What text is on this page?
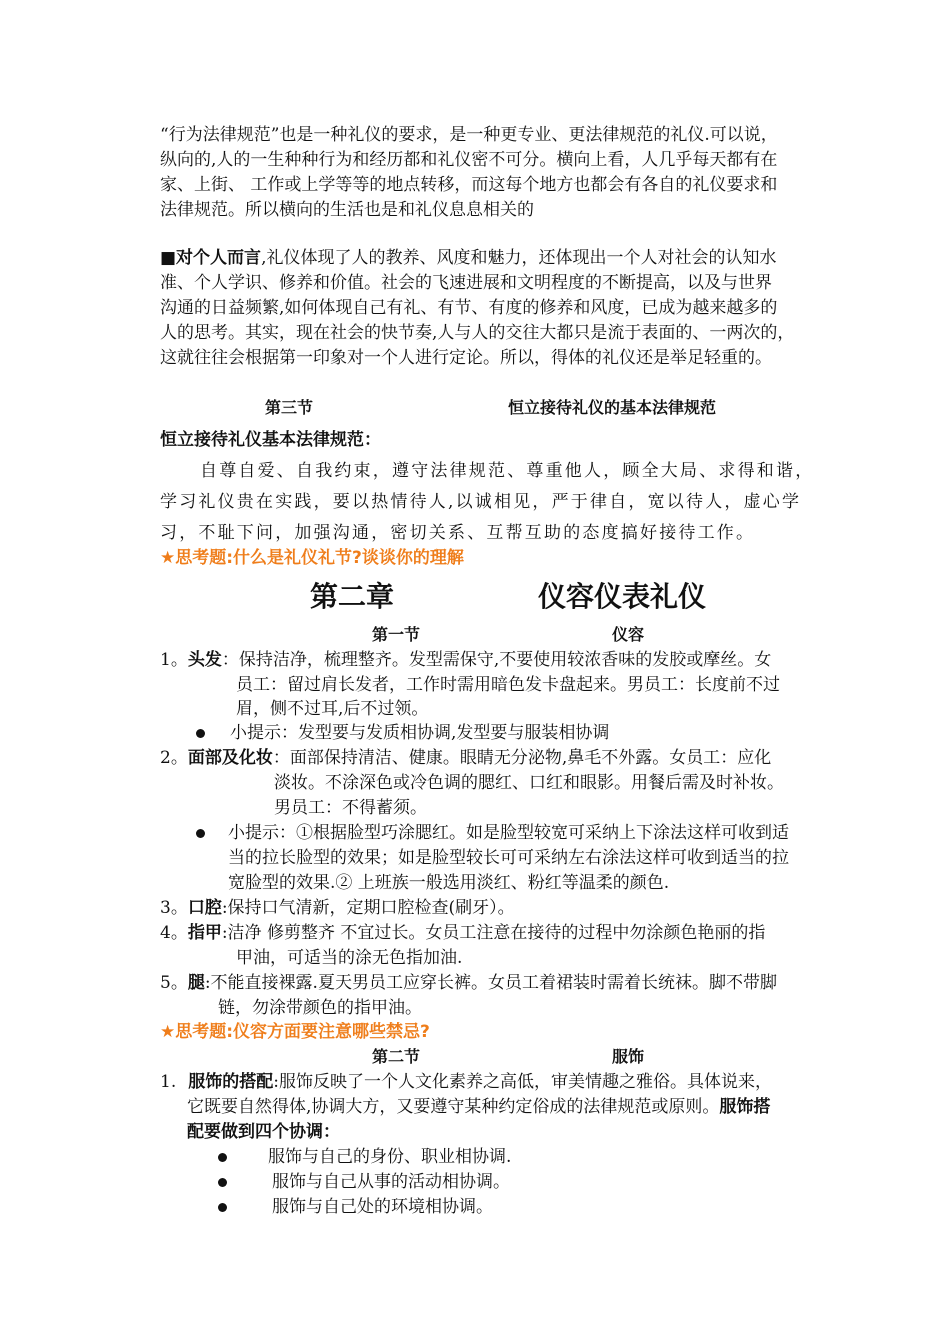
“行为法律规范”也是一种礼仪的要求，是一种更专业、更法律规范的礼仪.可以说，
纵向的,人的一生种种行为和经历都和礼仪密不可分。横向上看，人几乎每天都有在
家、上街、 工作或上学等等的地点转移，而这每个地方也都会有各自的礼仪要求和
法律规范。所以横向的生活也是和礼仪息息相关的
■对个人而言,礼仪体现了人的教养、风度和魅力，还体现出一个人对社会的认知水
准、个人学识、修养和价值。社会的飞速进展和文明程度的不断提高，以及与世界
沟通的日益频繁,如何体现自己有礼、有节、有度的修养和风度，已成为越来越多的
人的思考。其实，现在社会的快节奏,人与人的交往大都只是流于表面的、一两次的，
这就往往会根据第一印象对一个人进行定论。所以，得体的礼仪还是举足轻重的。
第三节	恒立接待礼仪的基本法律规范
恒立接待礼仪基本法律规范：
自尊自爱、自我约束，遵守法律规范、尊重他人，顾全大局、求得和谐，
学习礼仪贵在实践，要以热情待人,以诚相见，严于律自，宽以待人，虚心学
习，不耻下问，加强沟通，密切关系、互帮互助的态度搞好接待工作。
★思考题:什么是礼仪礼节?谈谈你的理解
第二章	仪容仪表礼仪
第一节	仪容
1。头发：保持洁净，梳理整齐。发型需保守,不要使用较浓香味的发胶或摩丝。女
员工：留过肩长发者，工作时需用暗色发卡盘起来。男员工：长度前不过
眉，侧不过耳,后不过领。
小提示：发型要与发质相协调,发型要与服装相协调
2。面部及化妆：面部保持清洁、健康。眼睛无分泌物,鼻毛不外露。女员工：应化
淡妆。不涂深色或冷色调的腮红、口红和眼影。用餐后需及时补妆。
男员工：不得蓄须。
小提示：①根据脸型巧涂腮红。如是脸型较宽可采纳上下涂法这样可收到适
当的拉长脸型的效果；如是脸型较长可可采纳左右涂法这样可收到适当的拉
宽脸型的效果.② 上班族一般选用淡红、粉红等温柔的颜色.
3。口腔:保持口气清新，定期口腔检查(刷牙）。
4。指甲:洁净 修剪整齐 不宜过长。女员工注意在接待的过程中勿涂颜色艳丽的指
甲油，可适当的涂无色指加油.
5。腿:不能直接裸露.夏天男员工应穿长裤。女员工着裙装时需着长统袜。脚不带脚
链，勿涂带颜色的指甲油。
★思考题:仪容方面要注意哪些禁忌?
第二节	服饰
1. 服饰的搭配:服饰反映了一个人文化素养之高低，审美情趣之雅俗。具体说来，
它既要自然得体,协调大方，又要遵守某种约定俗成的法律规范或原则。服饰搭
配要做到四个协调：
服饰与自己的身份、职业相协调.
服饰与自己从事的活动相协调。
服饰与自己处的环境相协调。
